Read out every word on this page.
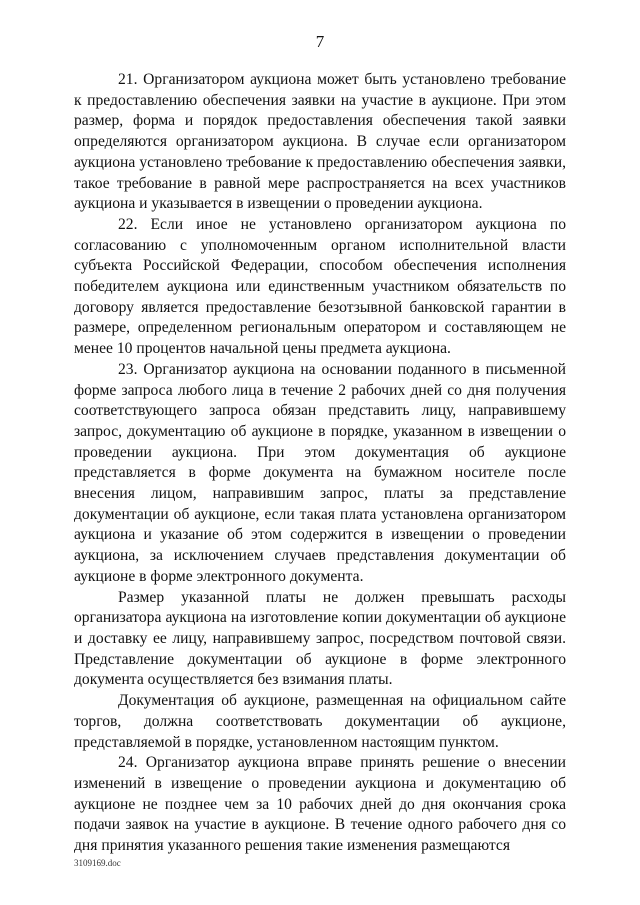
7

21. Организатором аукциона может быть установлено требование к предоставлению обеспечения заявки на участие в аукционе. При этом размер, форма и порядок предоставления обеспечения такой заявки определяются организатором аукциона. В случае если организатором аукциона установлено требование к предоставлению обеспечения заявки, такое требование в равной мере распространяется на всех участников аукциона и указывается в извещении о проведении аукциона.

22. Если иное не установлено организатором аукциона по согласованию с уполномоченным органом исполнительной власти субъекта Российской Федерации, способом обеспечения исполнения победителем аукциона или единственным участником обязательств по договору является предоставление безотзывной банковской гарантии в размере, определенном региональным оператором и составляющем не менее 10 процентов начальной цены предмета аукциона.

23. Организатор аукциона на основании поданного в письменной форме запроса любого лица в течение 2 рабочих дней со дня получения соответствующего запроса обязан представить лицу, направившему запрос, документацию об аукционе в порядке, указанном в извещении о проведении аукциона. При этом документация об аукционе представляется в форме документа на бумажном носителе после внесения лицом, направившим запрос, платы за представление документации об аукционе, если такая плата установлена организатором аукциона и указание об этом содержится в извещении о проведении аукциона, за исключением случаев представления документации об аукционе в форме электронного документа.

Размер указанной платы не должен превышать расходы организатора аукциона на изготовление копии документации об аукционе и доставку ее лицу, направившему запрос, посредством почтовой связи. Представление документации об аукционе в форме электронного документа осуществляется без взимания платы.

Документация об аукционе, размещенная на официальном сайте торгов, должна соответствовать документации об аукционе, представляемой в порядке, установленном настоящим пунктом.

24. Организатор аукциона вправе принять решение о внесении изменений в извещение о проведении аукциона и документацию об аукционе не позднее чем за 10 рабочих дней до дня окончания срока подачи заявок на участие в аукционе. В течение одного рабочего дня со дня принятия указанного решения такие изменения размещаются

3109169.doc
